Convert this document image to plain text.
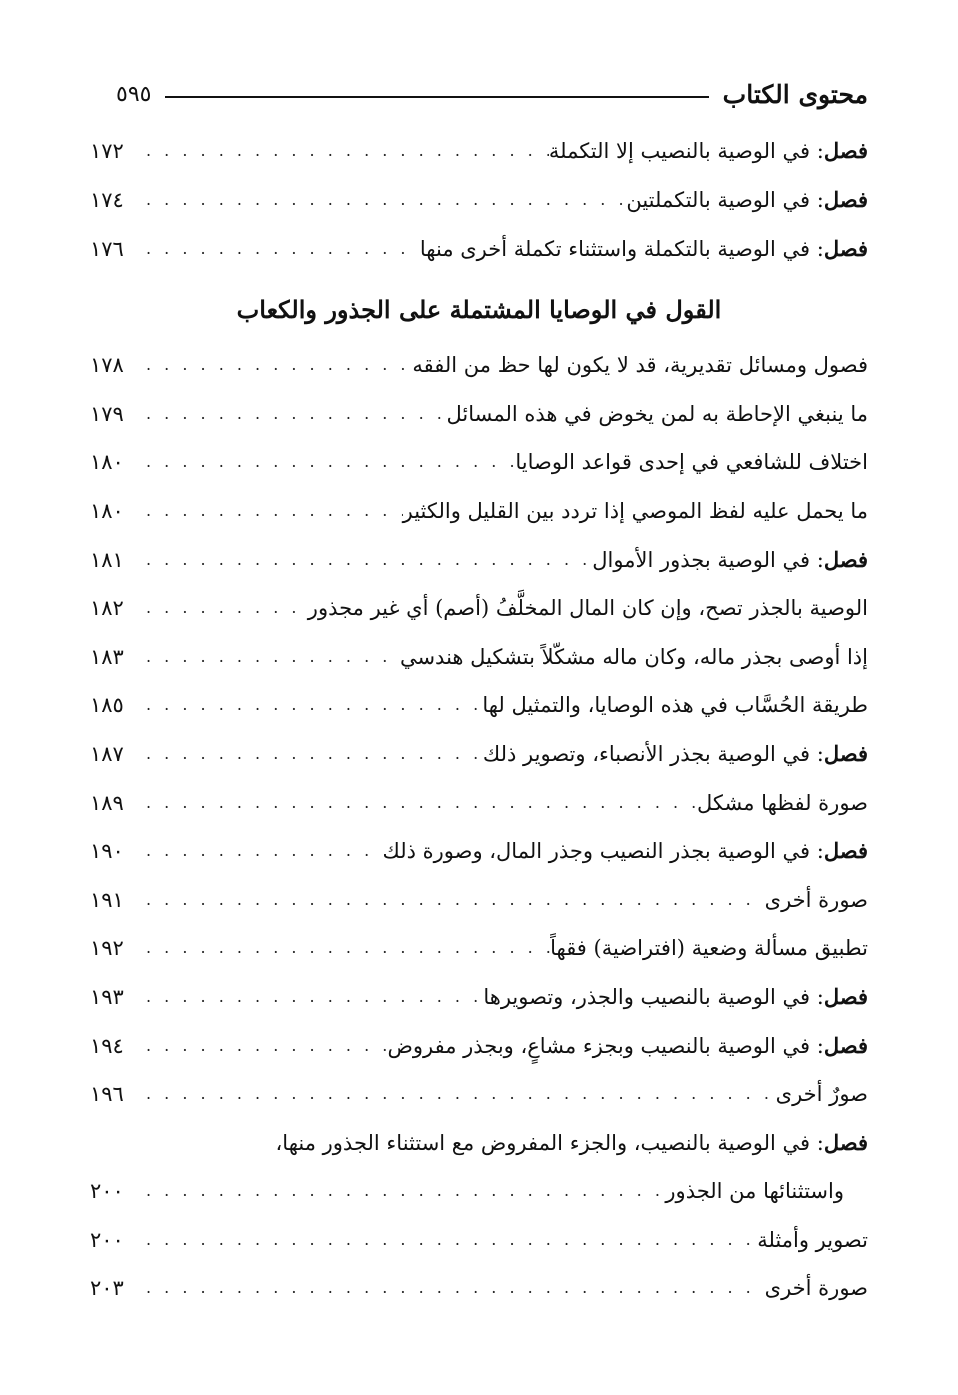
محتوى الكتاب
٥٩٥
فصل: في الوصية بالنصيب إلا التكملة
. . .
١٧٢
فصل: في الوصية بالتكملتين
. . .
١٧٤
فصل: في الوصية بالتكملة واستثناء تكملة أخرى منها
. . .
١٧٦
القول في الوصايا المشتملة على الجذور والكعاب
فصول ومسائل تقديرية، قد لا يكون لها حظ من الفقه
. . .
١٧٨
ما ينبغي الإحاطة به لمن يخوض في هذه المسائل
. . .
١٧٩
اختلاف للشافعي في إحدى قواعد الوصايا
. . .
١٨٠
ما يحمل عليه لفظ الموصي إذا تردد بين القليل والكثير
. . .
١٨٠
فصل: في الوصية بجذور الأموال
. . .
١٨١
الوصية بالجذر تصح، وإن كان المال المخلَّفُ (أصم) أي غير مجذور
. . .
١٨٢
إذا أوصى بجذر ماله، وكان ماله مشكّلاً بتشكيل هندسي
. . .
١٨٣
طريقة الحُسَّاب في هذه الوصايا، والتمثيل لها
. . .
١٨٥
فصل: في الوصية بجذر الأنصباء، وتصوير ذلك
. . .
١٨٧
صورة لفظها مشكل
. . .
١٨٩
فصل: في الوصية بجذر النصيب وجذر المال، وصورة ذلك
. . .
١٩٠
صورة أخرى
. . .
١٩١
تطبيق مسألة وضعية (افتراضية) فقهاً
. . .
١٩٢
فصل: في الوصية بالنصيب والجذر، وتصويرها
. . .
١٩٣
فصل: في الوصية بالنصيب وبجزء مشاعٍ، وبجذر مفروض
. . .
١٩٤
صورٌ أخرى
. . .
١٩٦
فصل: في الوصية بالنصيب، والجزء المفروض مع استثناء الجذور منها،
واستثنائها من الجذور
. . .
٢٠٠
تصوير وأمثلة
. . .
٢٠٠
صورة أخرى
. . .
٢٠٣
